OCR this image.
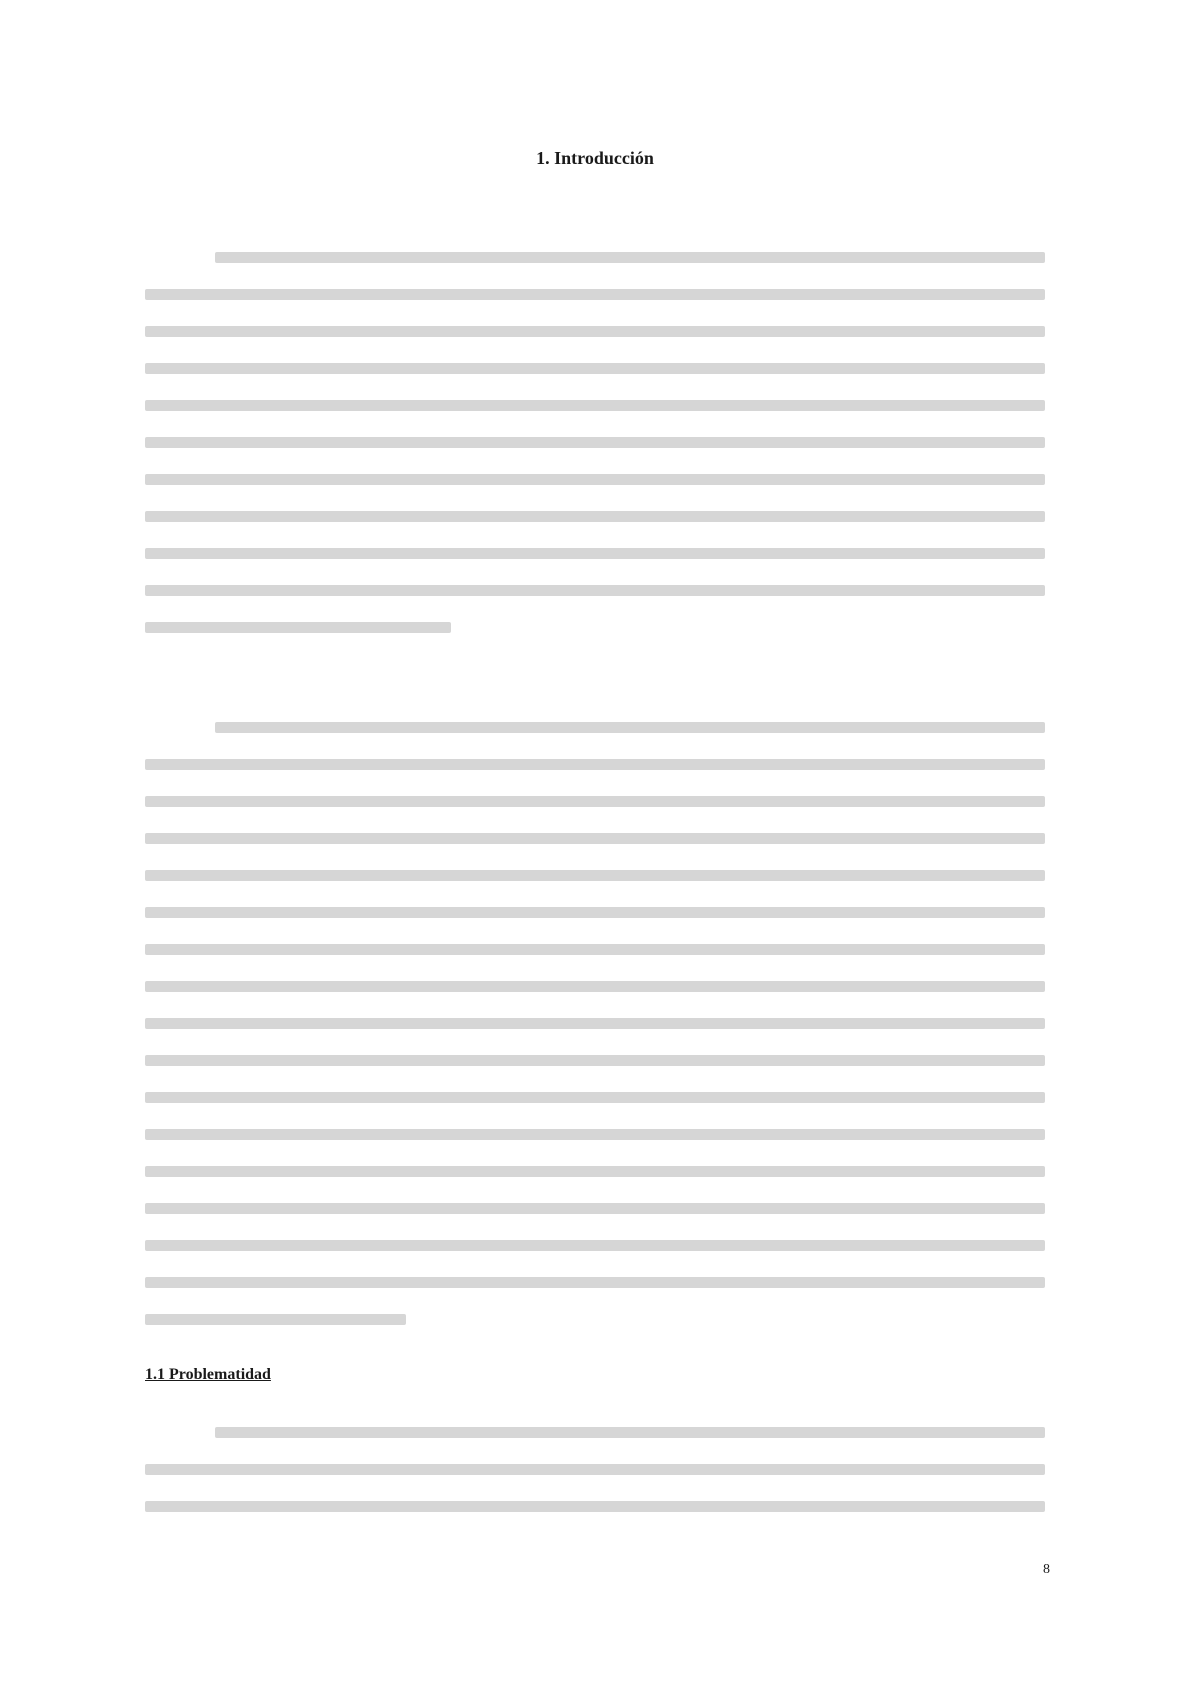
1. Introducción
1.1 Problematidad
8
